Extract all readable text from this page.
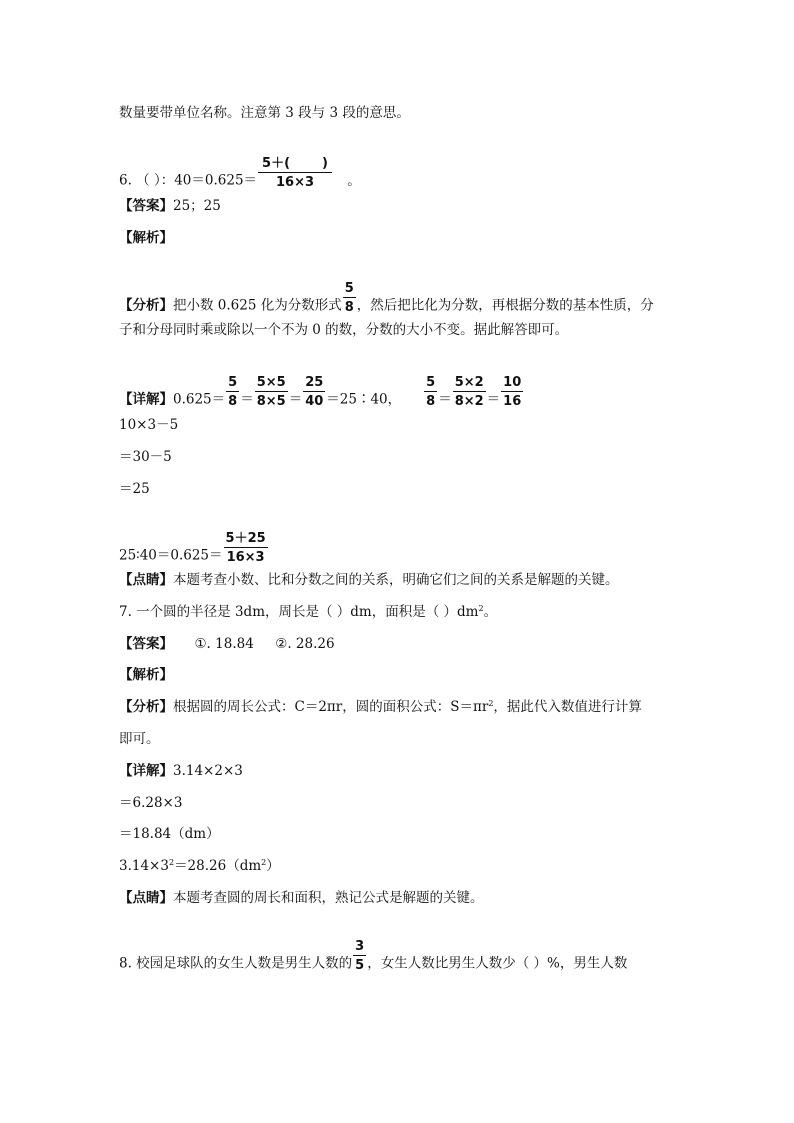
数量要带单位名称。注意第 3 段与 3 段的意思。
6. （ ）：$40=0.625= \frac{5+( )}{16\times 3}$ 。
【答案】25；25
【解析】
【分析】把小数 0.625 化为分数形式 $\frac{5}{8}$ ，然后把比化为分数，再根据分数的基本性质，分
子和分母同时乘或除以一个不为 0 的数，分数的大小不变。据此解答即可。
【详解】$0.625= \frac{5}{8} = \frac{5\times 5}{8\times 5} = \frac{25}{40}$ ＝25∶40， $\frac{5}{8} = \frac{5\times 2}{8\times 2} = \frac{10}{16}$
10×3－5
＝30－5
＝25
25∶40＝0.625＝ $\frac{5+25}{16\times 3}$
【点睛】本题考查小数、比和分数之间的关系，明确它们之间的关系是解题的关键。
7. 一个圆的半径是 3dm，周长是（ ）dm，面积是（ ）$dm^2$。
【答案】     ①. 18.84     ②. 28.26
【解析】
【分析】根据圆的周长公式：C＝2πr，圆的面积公式：$S=\pi r^2$，据此代入数值进行计算
即可。
【详解】3.14×2×3
＝6.28×3
＝18.84（dm）
$3.14\times 3^2=28.26(dm^2)$
【点睛】本题考查圆的周长和面积，熟记公式是解题的关键。
8. 校园足球队的女生人数是男生人数的 $\frac{3}{5}$ ，女生人数比男生人数少（ ）%，男生人数
